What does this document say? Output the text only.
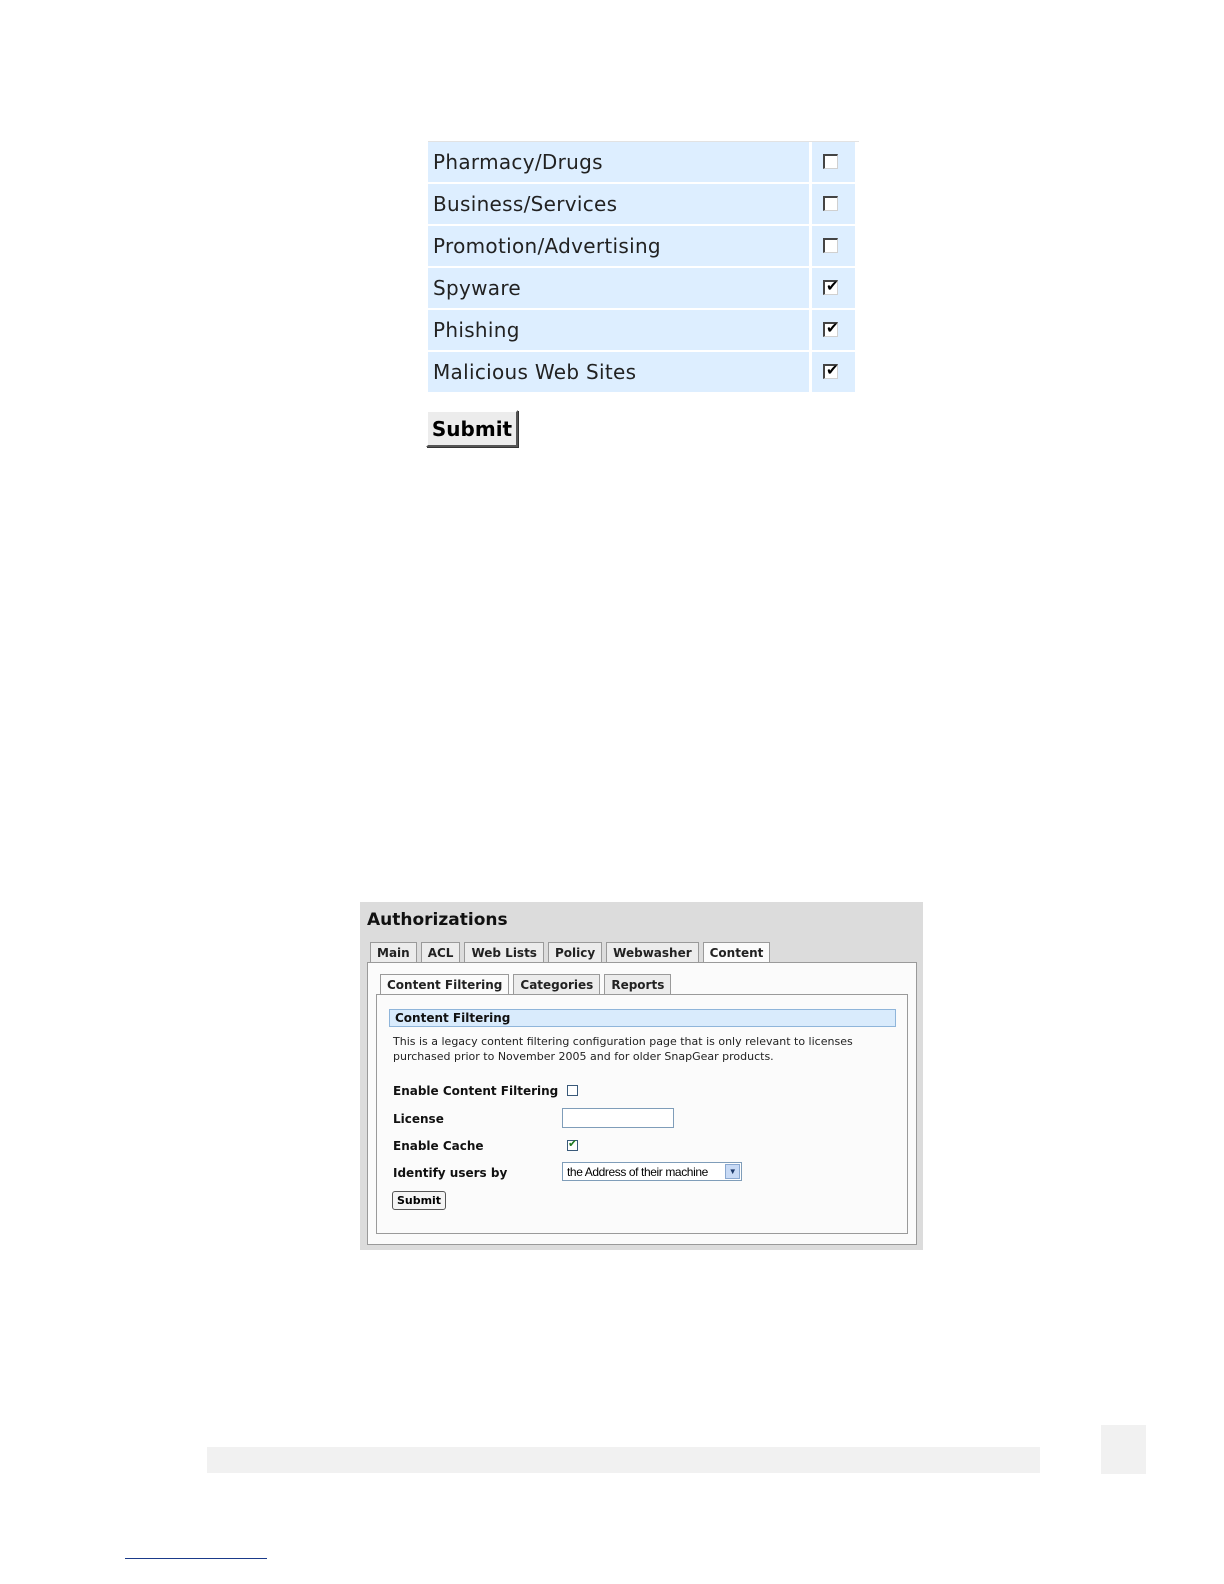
Pharmacy/Drugs
Business/Services
Promotion/Advertising
Spyware	✔
Phishing	✔
Malicious Web Sites	✔
Submit
Authorizations
Main	ACL	Web Lists	Policy	Webwasher	Content
Content Filtering	Categories	Reports
Content Filtering
This is a legacy content filtering configuration page that is only relevant to licenses purchased prior to November 2005 and for older SnapGear products.
Enable Content Filtering
License
Enable Cache	✔
Identify users by	the Address of their machine	▼
Submit
